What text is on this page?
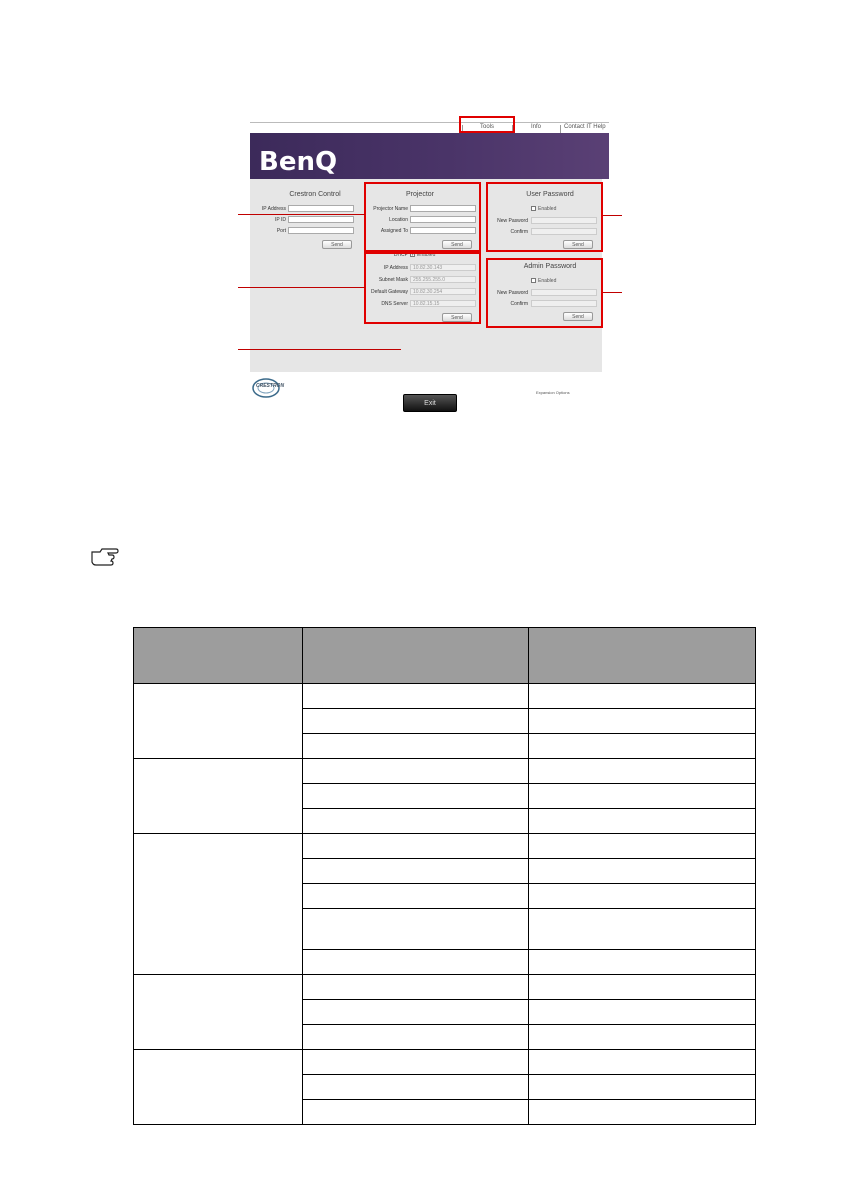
Tools	Info	Contact IT Help
BenQ
Crestron Control
IP Address
IP ID
Port
Send
Projector
Projector Name
Location
Assigned To
Send
DHCP ✓ Enabled
IP Address	10.82.30.143
Subnet Mask	255.255.255.0
Default Gateway	10.82.30.254
DNS Server	10.82.15.15
Send
User Password
Enabled
New Pasword
Confirm
Send
Admin Password
Enabled
New Pasword
Confirm
Send
Exit
CRESTRON
Expansion Options
